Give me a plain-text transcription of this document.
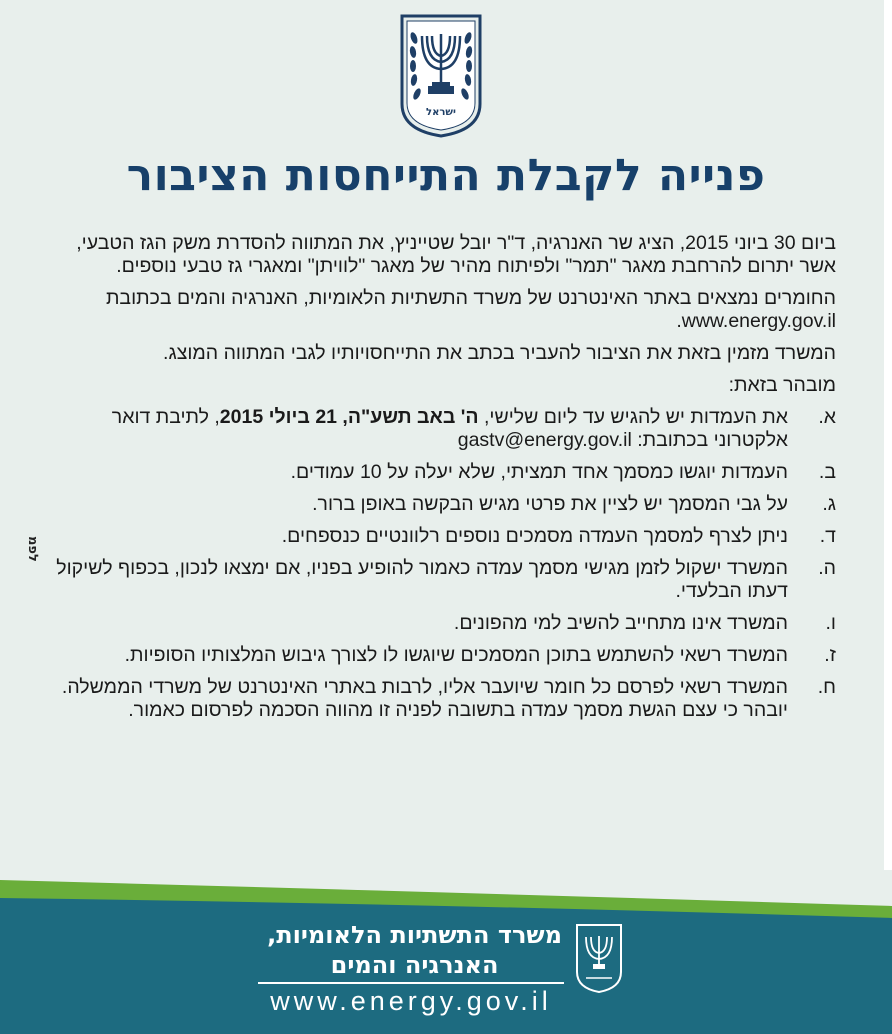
ישראל
פנייה לקבלת התייחסות הציבור

ביום 30 ביוני 2015, הציג שר האנרגיה, ד"ר יובל שטייניץ, את המתווה להסדרת משק הגז הטבעי, אשר יתרום להרחבת מאגר "תמר" ולפיתוח מהיר של מאגר "לוויתן" ומאגרי גז טבעי נוספים.

החומרים נמצאים באתר האינטרנט של משרד התשתיות הלאומיות, האנרגיה והמים בכתובת www.energy.gov.il.

המשרד מזמין בזאת את הציבור להעביר בכתב את התייחסויותיו לגבי המתווה המוצג.

מובהר בזאת:

א.
את העמדות יש להגיש עד ליום שלישי, ה' באב תשע"ה, 21 ביולי 2015, לתיבת דואר אלקטרוני בכתובת: gastv@energy.gov.il
ב.
העמדות יוגשו כמסמך אחד תמציתי, שלא יעלה על 10 עמודים.
ג.
על גבי המסמך יש לציין את פרטי מגיש הבקשה באופן ברור.
ד.
ניתן לצרף למסמך העמדה מסמכים נוספים רלוונטיים כנספחים.
ה.
המשרד ישקול לזמן מגישי מסמך עמדה כאמור להופיע בפניו, אם ימצאו לנכון, בכפוף לשיקול דעתו הבלעדי.
ו.
המשרד אינו מתחייב להשיב למי מהפונים.
ז.
המשרד רשאי להשתמש בתוכן המסמכים שיוגשו לו לצורך גיבוש המלצותיו הסופיות.
ח.
המשרד רשאי לפרסם כל חומר שיועבר אליו, לרבות באתרי האינטרנט של משרדי הממשלה. יובהר כי עצם הגשת מסמך עמדה בתשובה לפניה זו מהווה הסכמה לפרסום כאמור.
לפמ
משרד התשתיות הלאומיות,
האנרגיה והמים
www.energy.gov.il
